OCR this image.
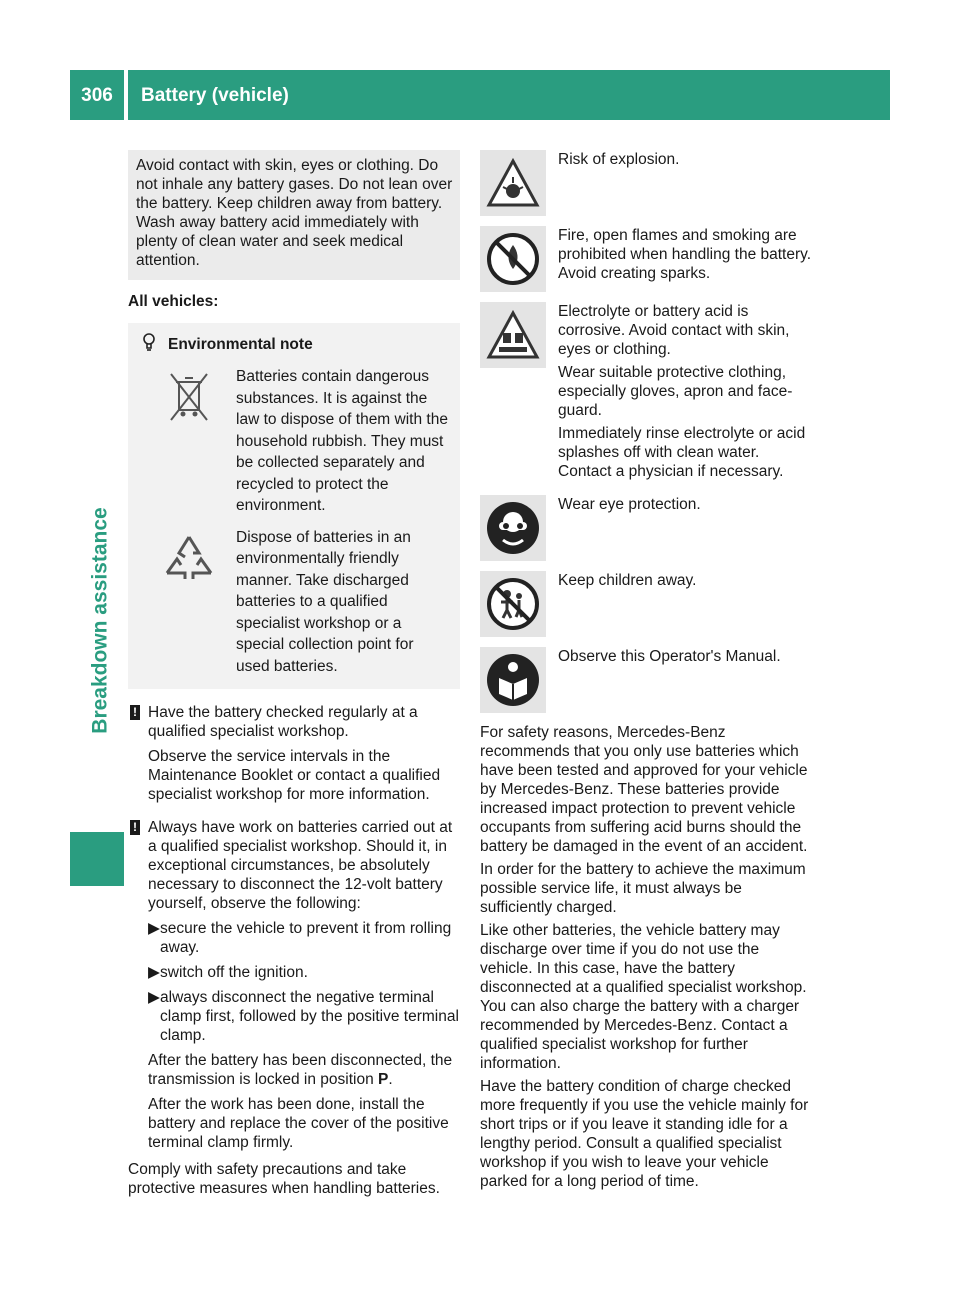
306	Battery (vehicle)
Breakdown assistance

Avoid contact with skin, eyes or clothing. Do not inhale any battery gases. Do not lean over the battery. Keep children away from battery. Wash away battery acid immediately with plenty of clean water and seek medical attention.

All vehicles:
Environmental note
Batteries contain dangerous substances. It is against the law to dispose of them with the household rubbish. They must be collected separately and recycled to protect the environment.
Dispose of batteries in an environmentally friendly manner. Take discharged batteries to a qualified specialist workshop or a special collection point for used batteries.
! Have the battery checked regularly at a qualified specialist workshop.

Observe the service intervals in the Maintenance Booklet or contact a qualified specialist workshop for more information.

! Always have work on batteries carried out at a qualified specialist workshop. Should it, in exceptional circumstances, be absolutely necessary to disconnect the 12-volt battery yourself, observe the following:

▶ secure the vehicle to prevent it from rolling away.
▶ switch off the ignition.
▶ always disconnect the negative terminal clamp first, followed by the positive terminal clamp.

After the battery has been disconnected, the transmission is locked in position P.

After the work has been done, install the battery and replace the cover of the positive terminal clamp firmly.

Comply with safety precautions and take protective measures when handling batteries.

Risk of explosion.

Fire, open flames and smoking are prohibited when handling the battery. Avoid creating sparks.

Electrolyte or battery acid is corrosive. Avoid contact with skin, eyes or clothing.

Wear suitable protective clothing, especially gloves, apron and face-guard.

Immediately rinse electrolyte or acid splashes off with clean water. Contact a physician if necessary.

Wear eye protection.

Keep children away.

Observe this Operator's Manual.

For safety reasons, Mercedes-Benz recommends that you only use batteries which have been tested and approved for your vehicle by Mercedes-Benz. These batteries provide increased impact protection to prevent vehicle occupants from suffering acid burns should the battery be damaged in the event of an accident.

In order for the battery to achieve the maximum possible service life, it must always be sufficiently charged.

Like other batteries, the vehicle battery may discharge over time if you do not use the vehicle. In this case, have the battery disconnected at a qualified specialist workshop. You can also charge the battery with a charger recommended by Mercedes-Benz. Contact a qualified specialist workshop for further information.

Have the battery condition of charge checked more frequently if you use the vehicle mainly for short trips or if you leave it standing idle for a lengthy period. Consult a qualified specialist workshop if you wish to leave your vehicle parked for a long period of time.
